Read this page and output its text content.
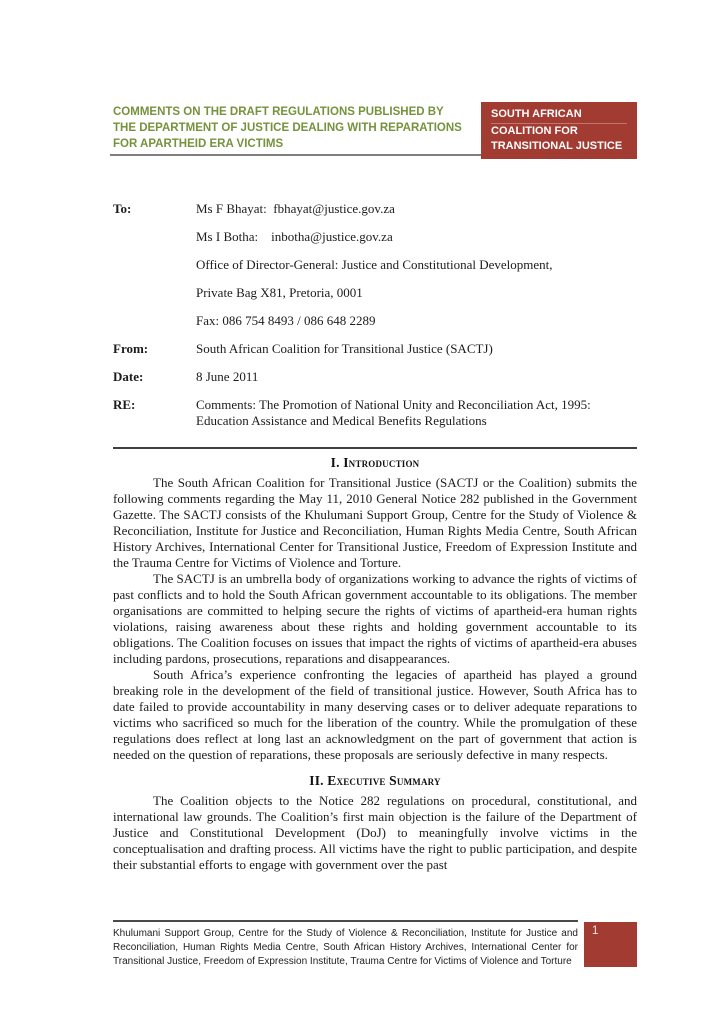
COMMENTS ON THE DRAFT REGULATIONS PUBLISHED BY THE DEPARTMENT OF JUSTICE DEALING WITH REPARATIONS FOR APARTHEID ERA VICTIMS
SOUTH AFRICAN
COALITION FOR
TRANSITIONAL JUSTICE
To:	Ms F Bhayat:  fbhayat@justice.gov.za
Ms I Botha:    inbotha@justice.gov.za
Office of Director-General: Justice and Constitutional Development,
Private Bag X81, Pretoria, 0001
Fax: 086 754 8493 / 086 648 2289
From:	South African Coalition for Transitional Justice (SACTJ)
Date:	8 June 2011
RE:	Comments: The Promotion of National Unity and Reconciliation Act, 1995: Education Assistance and Medical Benefits Regulations
I. Introduction

The South African Coalition for Transitional Justice (SACTJ or the Coalition) submits the following comments regarding the May 11, 2010 General Notice 282 published in the Government Gazette. The SACTJ consists of the Khulumani Support Group, Centre for the Study of Violence & Reconciliation, Institute for Justice and Reconciliation, Human Rights Media Centre, South African History Archives, International Center for Transitional Justice, Freedom of Expression Institute and the Trauma Centre for Victims of Violence and Torture.

The SACTJ is an umbrella body of organizations working to advance the rights of victims of past conflicts and to hold the South African government accountable to its obligations. The member organisations are committed to helping secure the rights of victims of apartheid-era human rights violations, raising awareness about these rights and holding government accountable to its obligations. The Coalition focuses on issues that impact the rights of victims of apartheid-era abuses including pardons, prosecutions, reparations and disappearances.

South Africa’s experience confronting the legacies of apartheid has played a ground breaking role in the development of the field of transitional justice. However, South Africa has to date failed to provide accountability in many deserving cases or to deliver adequate reparations to victims who sacrificed so much for the liberation of the country. While the promulgation of these regulations does reflect at long last an acknowledgment on the part of government that action is needed on the question of reparations, these proposals are seriously defective in many respects.

II. Executive Summary

The Coalition objects to the Notice 282 regulations on procedural, constitutional, and international law grounds. The Coalition’s first main objection is the failure of the Department of Justice and Constitutional Development (DoJ) to meaningfully involve victims in the conceptualisation and drafting process. All victims have the right to public participation, and despite their substantial efforts to engage with government over the past

Khulumani Support Group, Centre for the Study of Violence & Reconciliation, Institute for Justice and Reconciliation, Human Rights Media Centre, South African History Archives, International Center for Transitional Justice, Freedom of Expression Institute, Trauma Centre for Victims of Violence and Torture
1
